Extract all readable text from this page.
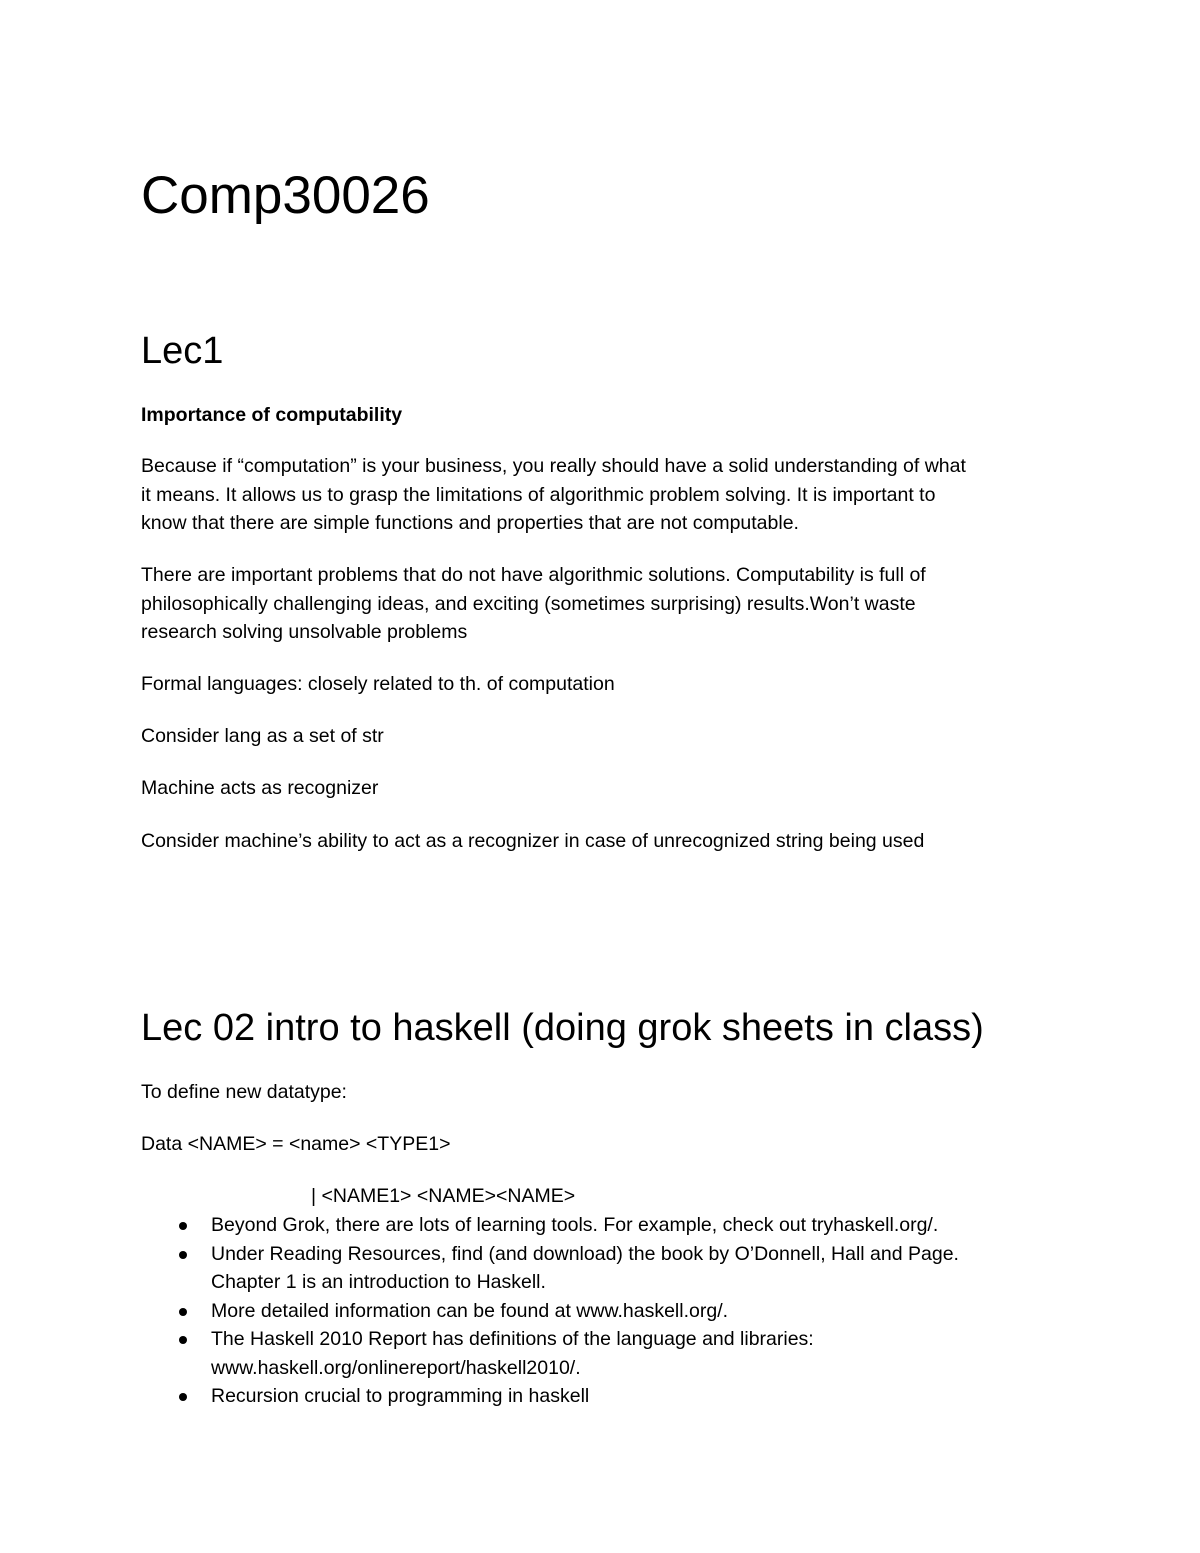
Comp30026
Lec1
Importance of computability
Because if “computation” is your business, you really should have a solid understanding of what
it means. It allows us to grasp the limitations of algorithmic problem solving. It is important to
know that there are simple functions and properties that are not computable.
There are important problems that do not have algorithmic solutions. Computability is full of
philosophically challenging ideas, and exciting (sometimes surprising) results.Won’t waste
research solving unsolvable problems
Formal languages: closely related to th. of computation
Consider lang as a set of str
Machine acts as recognizer
Consider machine’s ability to act as a recognizer in case of unrecognized string being used
Lec 02 intro to haskell (doing grok sheets in class)
To define new datatype:
Data <NAME> = <name> <TYPE1>
| <NAME1> <NAME><NAME>
Beyond Grok, there are lots of learning tools. For example, check out tryhaskell.org/.
Under Reading Resources, find (and download) the book by O’Donnell, Hall and Page.
Chapter 1 is an introduction to Haskell.
More detailed information can be found at www.haskell.org/.
The Haskell 2010 Report has definitions of the language and libraries:
www.haskell.org/onlinereport/haskell2010/.
Recursion crucial to programming in haskell
